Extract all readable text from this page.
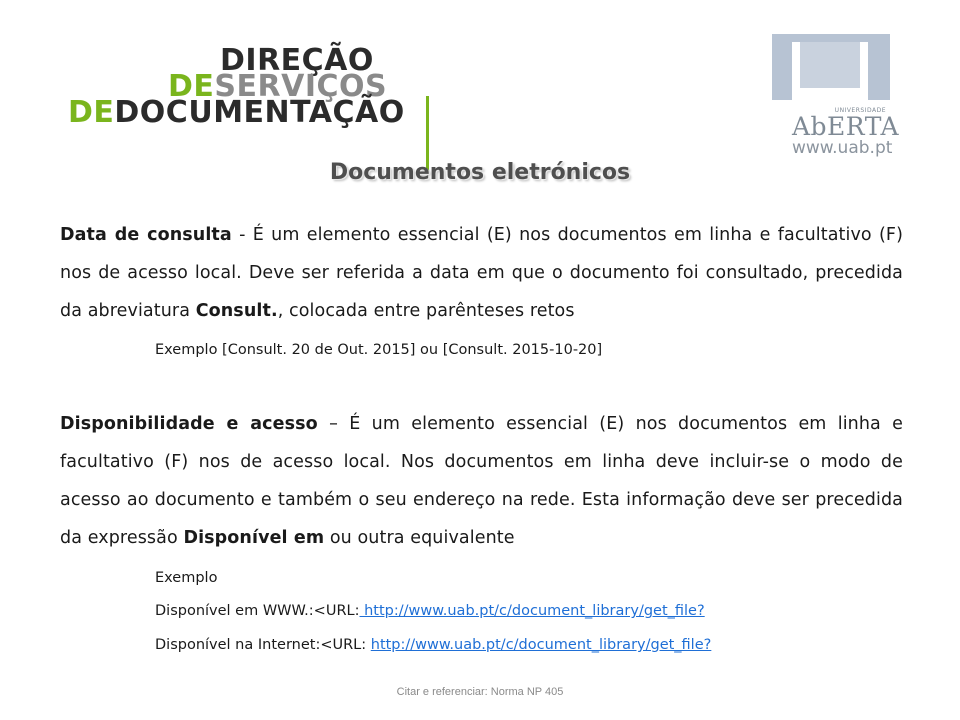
DIREÇÃO
DESERVIÇOS
DEDOCUMENTAÇÃO	UNIVERSIDADE
AbERTA
www.uab.pt
Documentos eletrónicos
Data de consulta - É um elemento essencial (E) nos documentos em linha e facultativo (F) nos de acesso local. Deve ser referida a data em que o documento foi consultado, precedida da abreviatura Consult., colocada entre parênteses retos
Exemplo [Consult. 20 de Out. 2015] ou [Consult. 2015-10-20]
Disponibilidade e acesso – É um elemento essencial (E) nos documentos em linha e facultativo (F) nos de acesso local. Nos documentos em linha deve incluir-se o modo de acesso ao documento e também o seu endereço na rede. Esta informação deve ser precedida da expressão Disponível em ou outra equivalente
Exemplo
Disponível em WWW.:<URL: http://www.uab.pt/c/document_library/get_file?
Disponível na Internet:<URL: http://www.uab.pt/c/document_library/get_file?
Citar e referenciar: Norma NP 405
